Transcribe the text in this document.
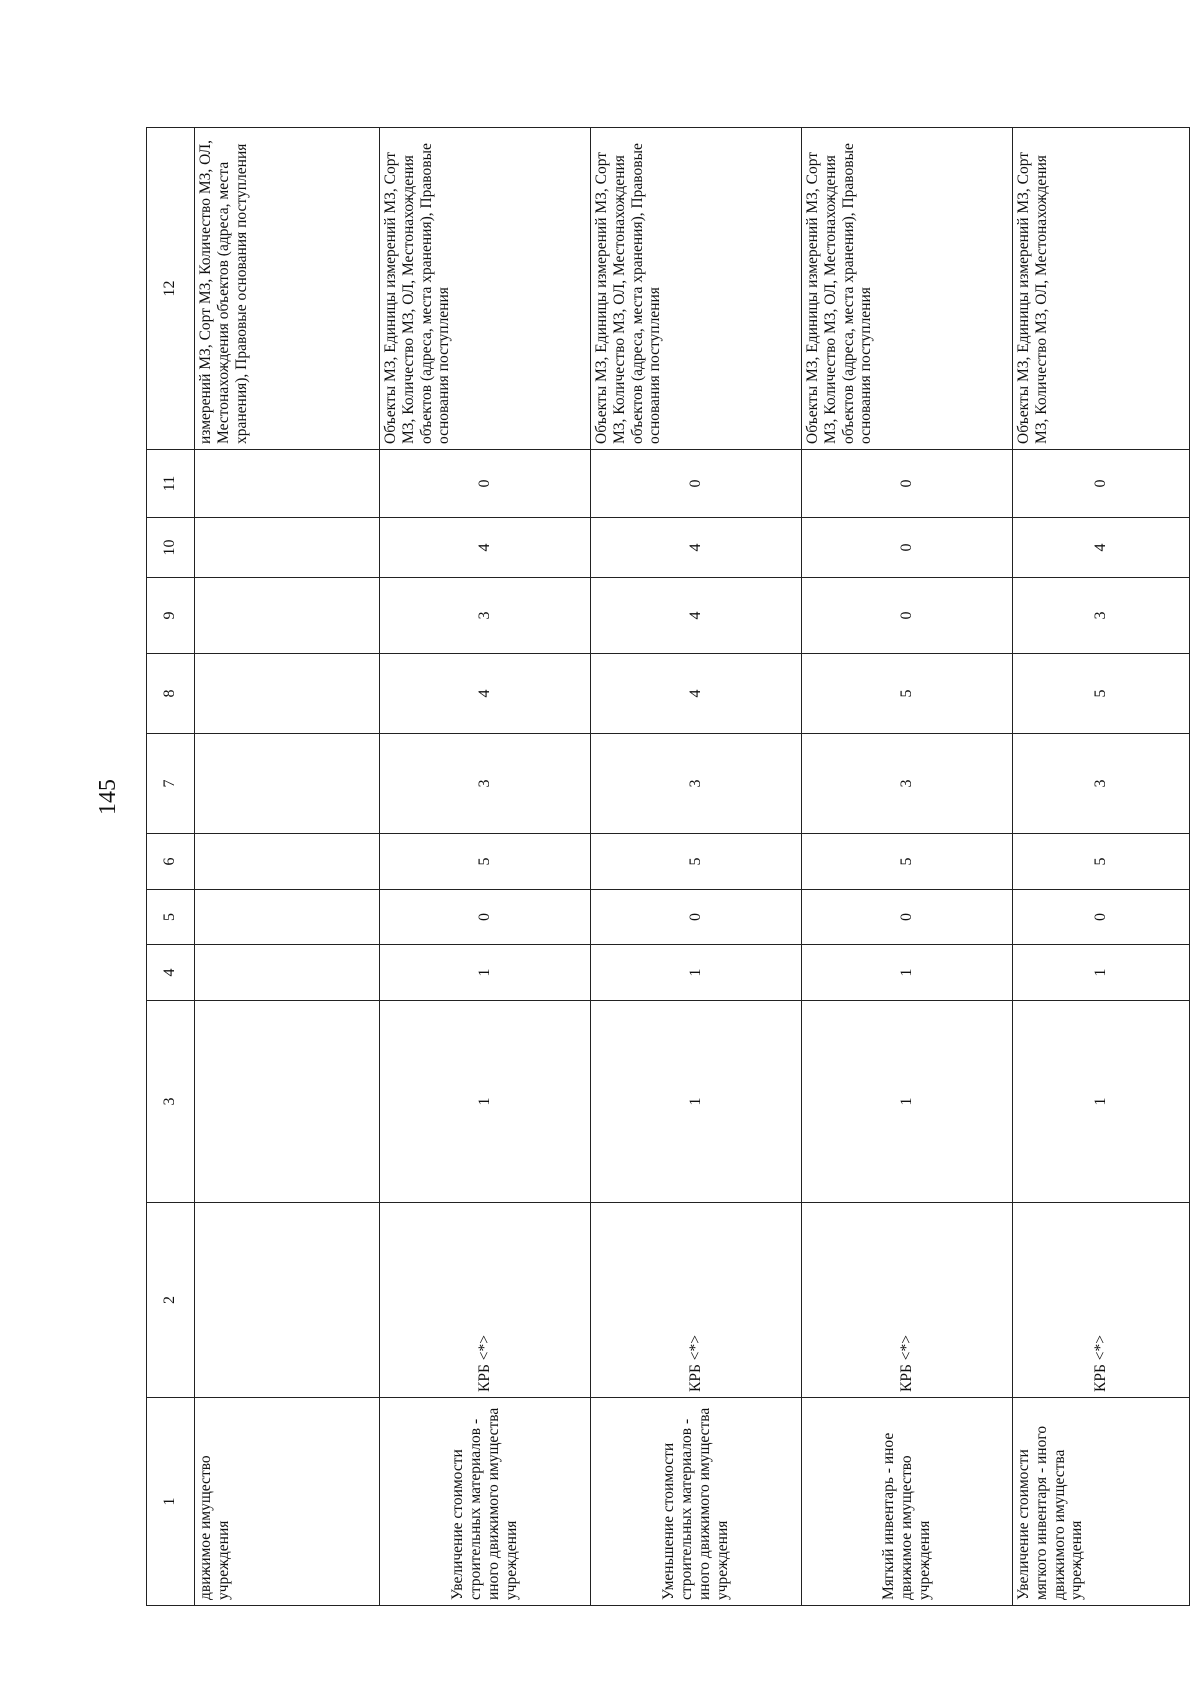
145
1	2	3	4	5	6	7	8	9	10	11	12
движимое имущество учреждения											измерений МЗ, Сорт МЗ, Количество МЗ, ОЛ, Местонахождения объектов (адреса, места хранения), Правовые основания поступления
Увеличение стоимости строительных материалов - иного движимого имущества учреждения	КРБ <*>	1	1	0	5	3	4	3	4	0	Объекты МЗ, Единицы измерений МЗ, Сорт МЗ, Количество МЗ, ОЛ, Местонахождения объектов (адреса, места хранения), Правовые основания поступления
Уменьшение стоимости строительных материалов - иного движимого имущества учреждения	КРБ <*>	1	1	0	5	3	4	4	4	0	Объекты МЗ, Единицы измерений МЗ, Сорт МЗ, Количество МЗ, ОЛ, Местонахождения объектов (адреса, места хранения), Правовые основания поступления
Мягкий инвентарь - иное движимое имущество учреждения	КРБ <*>	1	1	0	5	3	5	0	0	0	Объекты МЗ, Единицы измерений МЗ, Сорт МЗ, Количество МЗ, ОЛ, Местонахождения объектов (адреса, места хранения), Правовые основания поступления
Увеличение стоимости мягкого инвентаря - иного движимого имущества учреждения	КРБ <*>	1	1	0	5	3	5	3	4	0	Объекты МЗ, Единицы измерений МЗ, Сорт МЗ, Количество МЗ, ОЛ, Местонахождения
